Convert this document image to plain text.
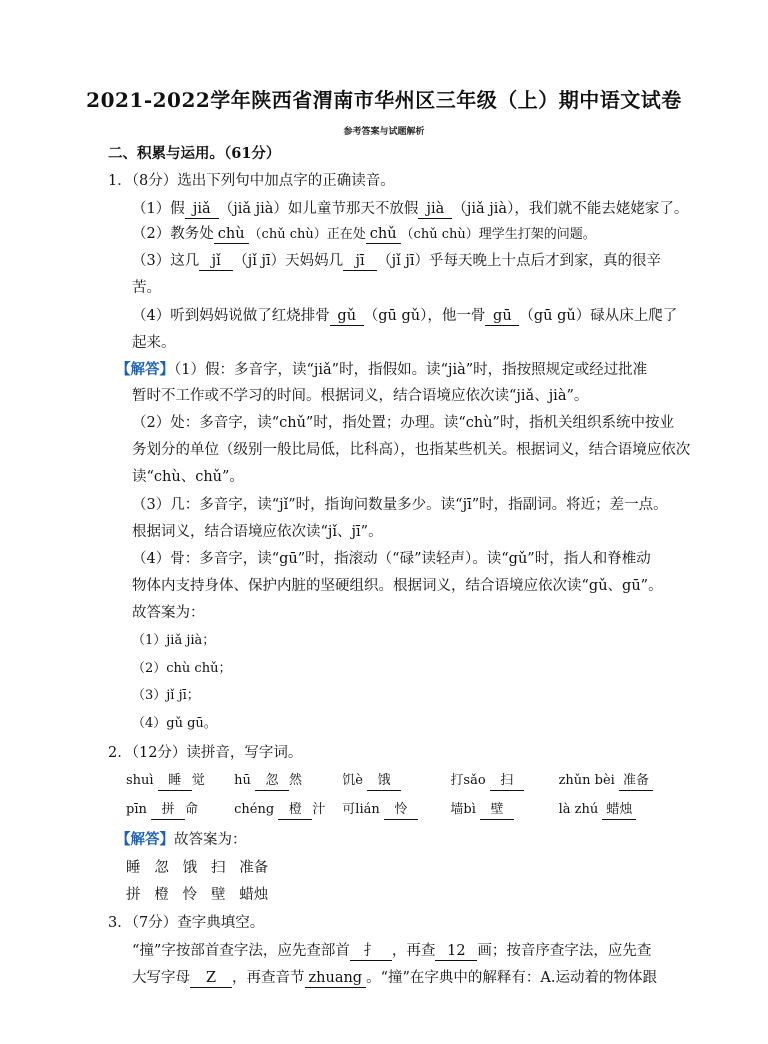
2021-2022学年陕西省渭南市华州区三年级（上）期中语文试卷
参考答案与试题解析
二、积累与运用。（61分）
1．（8分）选出下列句中加点字的正确读音。
（1）假 jiǎ （jiǎ jià）如儿童节那天不放假 jià （jiǎ jià），我们就不能去姥姥家了。
（2）教务处 chù （chǔ chù）正在处 chǔ （chǔ chù）理学生打架的问题。
（3）这几 jǐ （jǐ jī）天妈妈几 jī （jǐ jī）乎每天晚上十点后才到家，真的很辛
苦。
（4）听到妈妈说做了红烧排骨 gǔ （gū gǔ），他一骨 gū （gū gǔ）碌从床上爬了
起来。
【解答】（1）假：多音字，读“jiǎ”时，指假如。读“jià”时，指按照规定或经过批准
暂时不工作或不学习的时间。根据词义，结合语境应依次读“jiǎ、jià”。
（2）处：多音字，读“chǔ”时，指处置；办理。读“chù”时，指机关组织系统中按业
务划分的单位（级别一般比局低，比科高），也指某些机关。根据词义，结合语境应依次
读“chù、chǔ”。
（3）几：多音字，读“jǐ”时，指询问数量多少。读“jī”时，指副词。将近；差一点。
根据词义，结合语境应依次读“jǐ、jī”。
（4）骨：多音字，读“gū”时，指滚动（“碌”读轻声）。读“gǔ”时，指人和脊椎动
物体内支持身体、保护内脏的坚硬组织。根据词义，结合语境应依次读“gǔ、gū”。
故答案为：
（1）jiǎ jià；
（2）chù chǔ；
（3）jǐ jī；
（4）gǔ gū。
2．（12分）读拼音，写字词。
shuì 睡 觉 hū 忽 然	饥è 饿	打sǎo 扫	zhǔn bèi 准备
pīn 拼 命	chéng 橙 汁 可lián 怜	墙bì 壁	là zhú 蜡烛
【解答】故答案为：
睡   忽   饿   扫   准备
拼   橙   怜   壁   蜡烛
3．（7分）查字典填空。
“撞”字按部首查字法，应先查部首 扌 ，再查 12 画；按音序查字法，应先查
大写字母 Z ，再查音节 zhuang 。“撞”在字典中的解释有：A.运动着的物体跟
